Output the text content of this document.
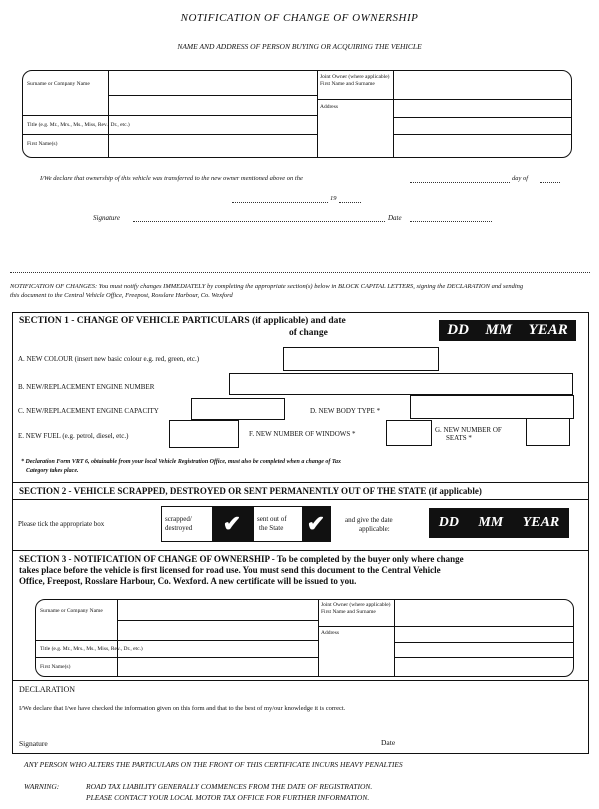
NOTIFICATION OF CHANGE OF OWNERSHIP
NAME AND ADDRESS OF PERSON BUYING OR ACQUIRING THE VEHICLE
Surname or Company Name
Joint Owner (where applicable) First Name and Surname
Address
Title (e.g. Mr., Mrs., Ms., Miss, Rev., Dr., etc.)
First Name(s)
I/We declare that ownership of this vehicle was transferred to the new owner mentioned above on the	day of
19
Signature	Date
NOTIFICATION OF CHANGES: You must notify changes IMMEDIATELY by completing the appropriate section(s) below in BLOCK CAPITAL LETTERS, signing the DECLARATION and sending this document to the Central Vehicle Office, Freepost, Rosslare Harbour, Co. Wexford
SECTION 1 - CHANGE OF VEHICLE PARTICULARS (if applicable) and date
of change	DD MM YEAR
A. NEW COLOUR (insert new basic colour e.g. red, green, etc.)
B. NEW/REPLACEMENT ENGINE NUMBER
C. NEW/REPLACEMENT ENGINE CAPACITY	D. NEW BODY TYPE *
E. NEW FUEL (e.g. petrol, diesel, etc.)	F. NEW NUMBER OF WINDOWS *	G. NEW NUMBER OF
SEATS *
* Declaration Form VRT 6, obtainable from your local Vehicle Registration Office, must also be completed when a change of Tax
Category takes place.
SECTION 2 - VEHICLE SCRAPPED, DESTROYED OR SENT PERMANENTLY OUT OF THE STATE (if applicable)
Please tick the appropriate box
scrapped/
destroyed	✔	sent out of
the State ✔	and give the date
applicable:	DD MM YEAR
SECTION 3 - NOTIFICATION OF CHANGE OF OWNERSHIP - To be completed by the buyer only where change
takes place before the vehicle is first licensed for road use. You must send this document to the Central Vehicle
Office, Freepost, Rosslare Harbour, Co. Wexford. A new certificate will be issued to you.
Surname or Company Name
Joint Owner (where applicable) First Name and Surname
Address
Title (e.g. Mr., Mrs., Ms., Miss, Rev., Dr., etc.)
First Name(s)
DECLARATION
I/We declare that I/we have checked the information given on this form and that to the best of my/our knowledge it is correct.
Signature	Date
ANY PERSON WHO ALTERS THE PARTICULARS ON THE FRONT OF THIS CERTIFICATE INCURS HEAVY PENALTIES
WARNING:	ROAD TAX LIABILITY GENERALLY COMMENCES FROM THE DATE OF REGISTRATION.
PLEASE CONTACT YOUR LOCAL MOTOR TAX OFFICE FOR FURTHER INFORMATION.
